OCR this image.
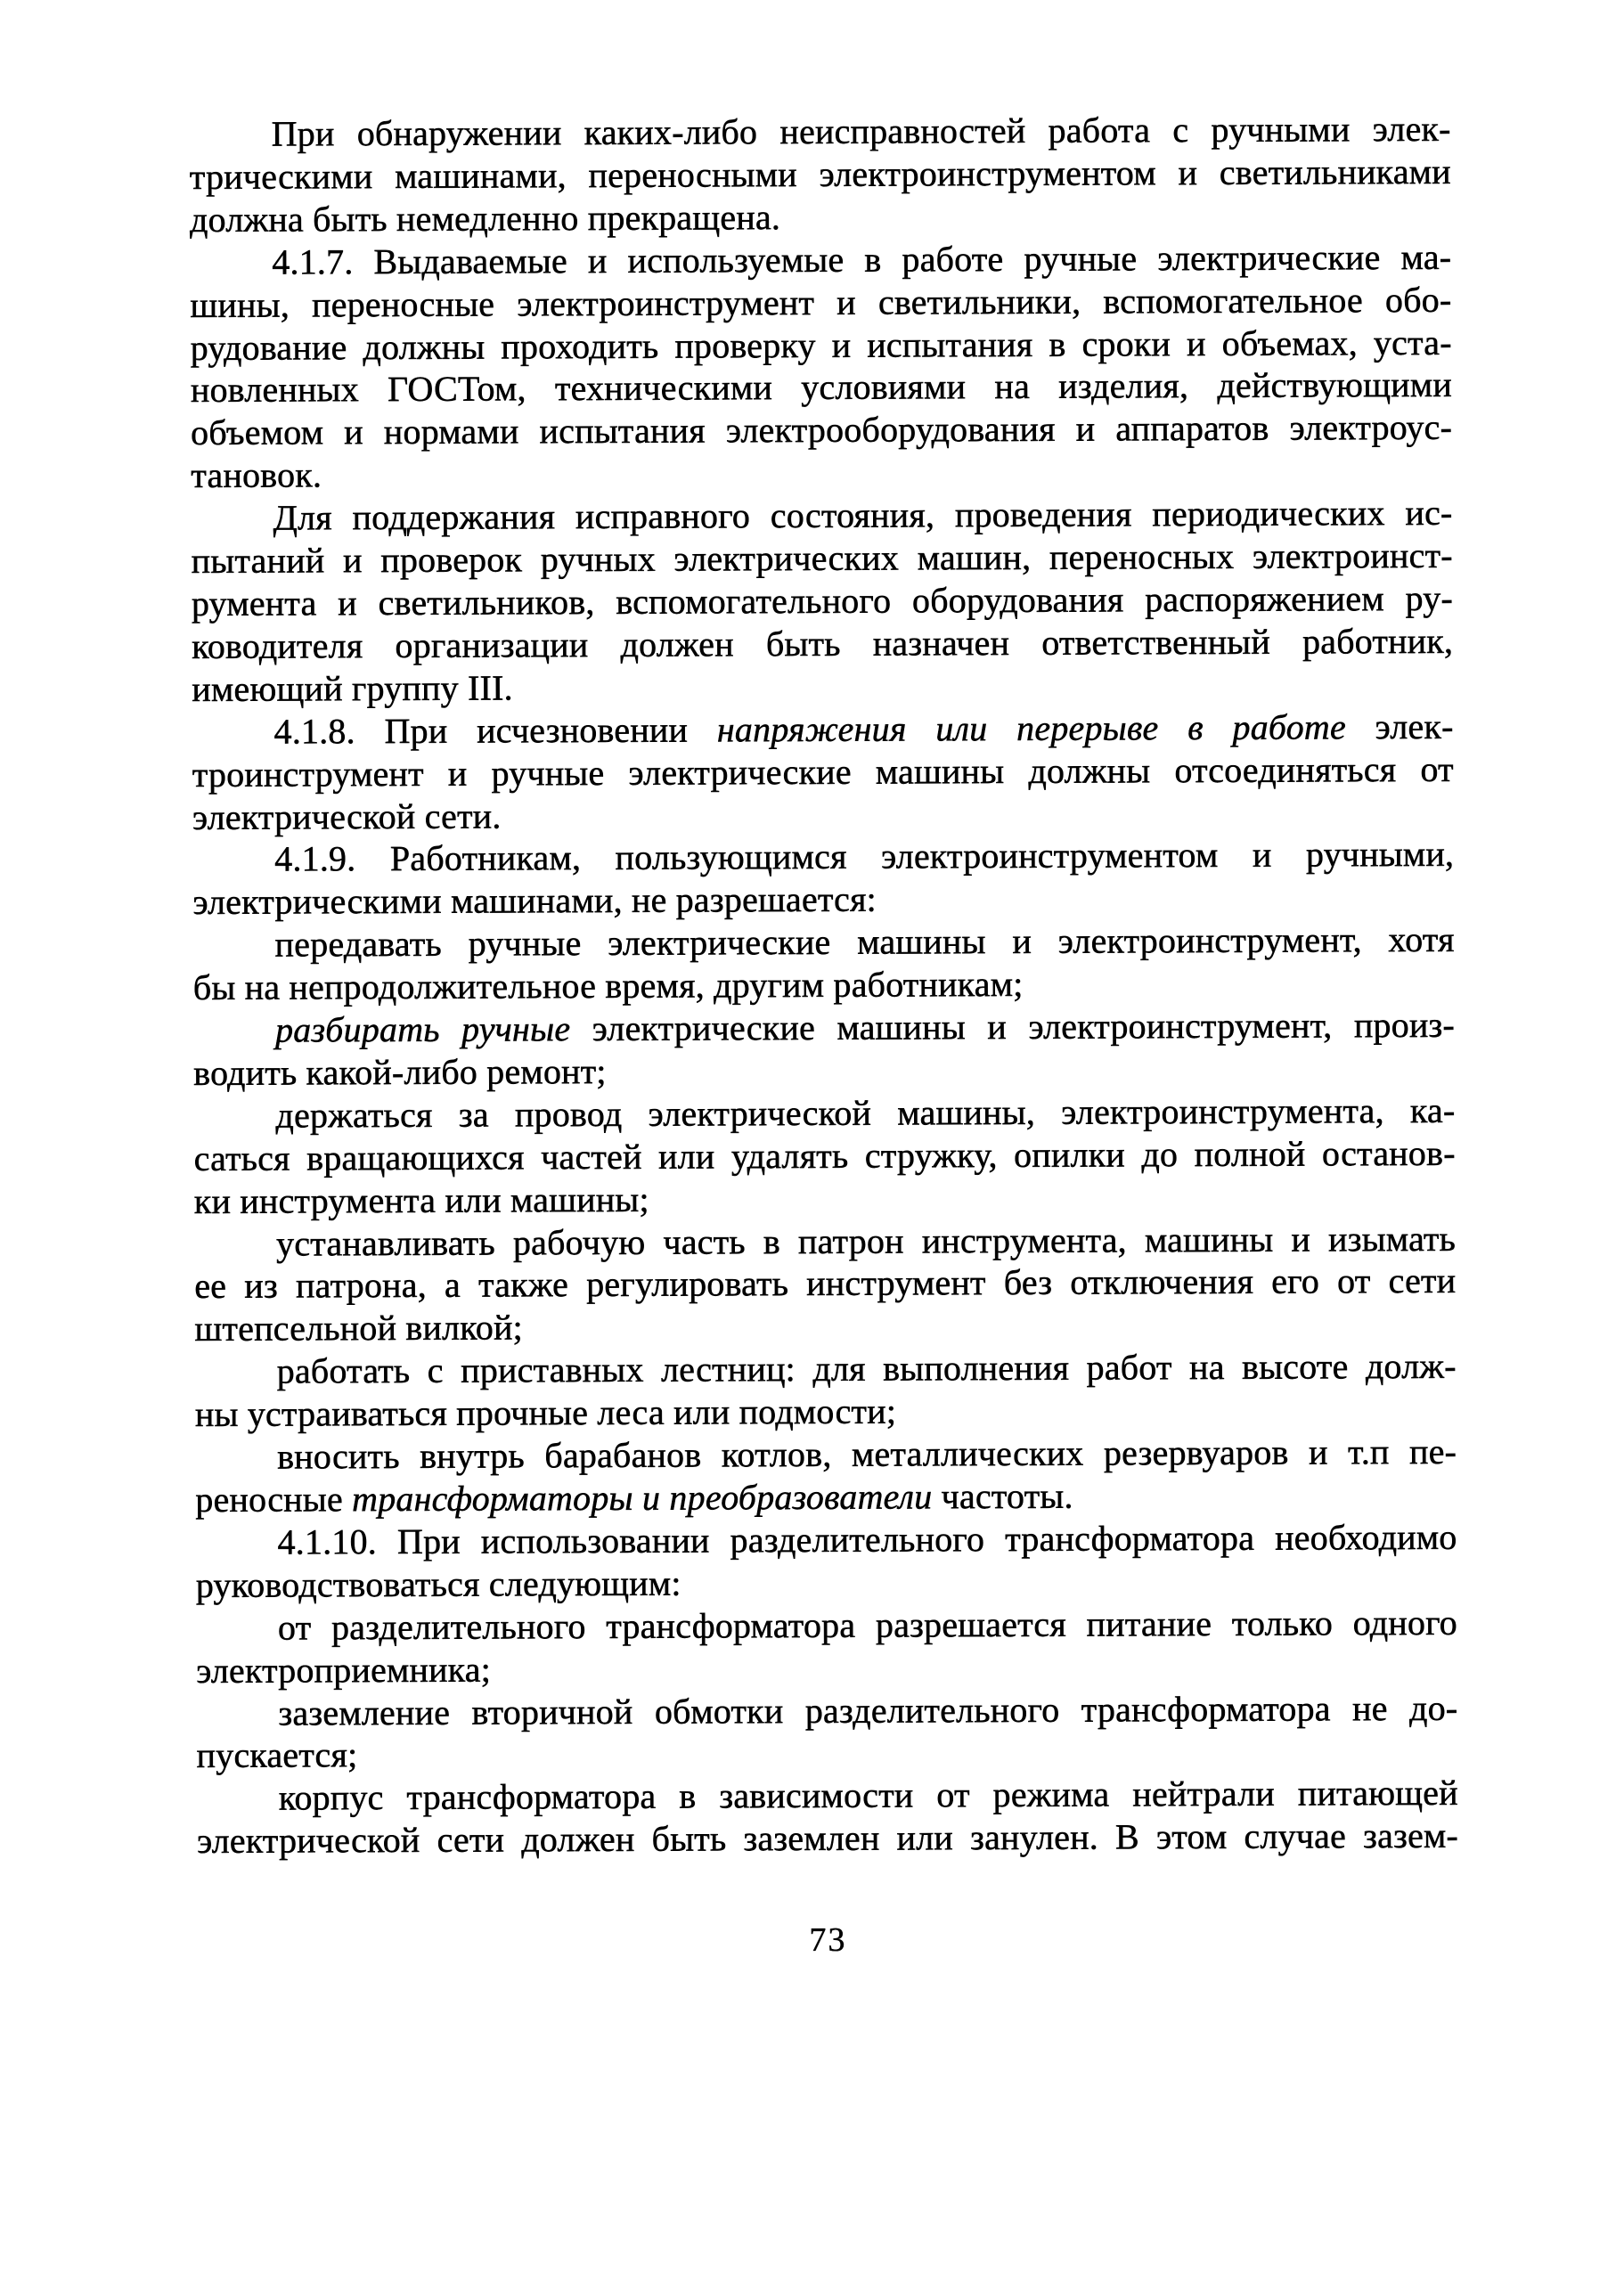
При обнаружении каких-либо неисправностей работа с ручными элек-
трическими машинами, переносными электроинструментом и светильниками
должна быть немедленно прекращена.
4.1.7. Выдаваемые и используемые в работе ручные электрические ма-
шины, переносные электроинструмент и светильники, вспомогательное обо-
рудование должны проходить проверку и испытания в сроки и объемах, уста-
новленных ГОСТом, техническими условиями на изделия, действующими
объемом и нормами испытания электрооборудования и аппаратов электроус-
тановок.
Для поддержания исправного состояния, проведения периодических ис-
пытаний и проверок ручных электрических машин, переносных электроинст-
румента и светильников, вспомогательного оборудования распоряжением ру-
ководителя организации должен быть назначен ответственный работник,
имеющий группу III.
4.1.8. При исчезновении напряжения или перерыве в работе элек-
троинструмент и ручные электрические машины должны отсоединяться от
электрической сети.
4.1.9. Работникам, пользующимся электроинструментом и ручными,
электрическими машинами, не разрешается:
передавать ручные электрические машины и электроинструмент, хотя
бы на непродолжительное время, другим работникам;
разбирать ручные электрические машины и электроинструмент, произ-
водить какой-либо ремонт;
держаться за провод электрической машины, электроинструмента, ка-
саться вращающихся частей или удалять стружку, опилки до полной останов-
ки инструмента или машины;
устанавливать рабочую часть в патрон инструмента, машины и изымать
ее из патрона, а также регулировать инструмент без отключения его от сети
штепсельной вилкой;
работать с приставных лестниц: для выполнения работ на высоте долж-
ны устраиваться прочные леса или подмости;
вносить внутрь барабанов котлов, металлических резервуаров и т.п пе-
реносные трансформаторы и преобразователи частоты.
4.1.10. При использовании разделительного трансформатора необходимо
руководствоваться следующим:
от разделительного трансформатора разрешается питание только одного
электроприемника;
заземление вторичной обмотки разделительного трансформатора не до-
пускается;
корпус трансформатора в зависимости от режима нейтрали питающей
электрической сети должен быть заземлен или занулен. В этом случае зазем-
73
